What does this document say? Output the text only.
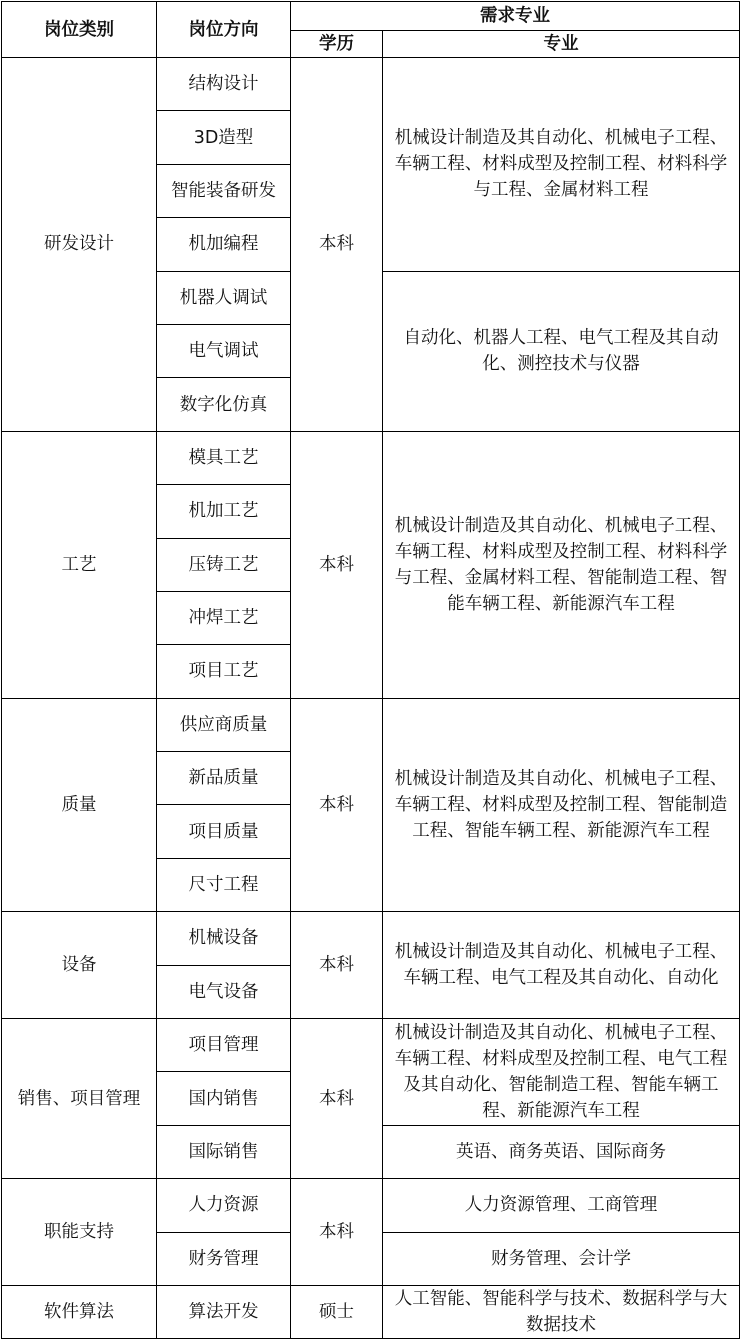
岗位类别	岗位方向	需求专业	
		学历	专业
研发设计	结构设计	本科	机械设计制造及其自动化、机械电子工程、车辆工程、材料成型及控制工程、材料科学与工程、金属材料工程
	3D造型		
	智能装备研发		
	机加编程		
	机器人调试		自动化、机器人工程、电气工程及其自动化、测控技术与仪器
	电气调试		
	数字化仿真		
工艺	模具工艺	本科	机械设计制造及其自动化、机械电子工程、车辆工程、材料成型及控制工程、材料科学与工程、金属材料工程、智能制造工程、智能车辆工程、新能源汽车工程
	机加工艺		
	压铸工艺		
	冲焊工艺		
	项目工艺		
质量	供应商质量	本科	机械设计制造及其自动化、机械电子工程、车辆工程、材料成型及控制工程、智能制造工程、智能车辆工程、新能源汽车工程
	新品质量		
	项目质量		
	尺寸工程		
设备	机械设备	本科	机械设计制造及其自动化、机械电子工程、车辆工程、电气工程及其自动化、自动化
	电气设备		
销售、项目管理	项目管理	本科	机械设计制造及其自动化、机械电子工程、车辆工程、材料成型及控制工程、电气工程及其自动化、智能制造工程、智能车辆工程、新能源汽车工程
	国内销售		
	国际销售		英语、商务英语、国际商务
职能支持	人力资源	本科	人力资源管理、工商管理
	财务管理		财务管理、会计学
软件算法	算法开发	硕士	人工智能、智能科学与技术、数据科学与大数据技术
